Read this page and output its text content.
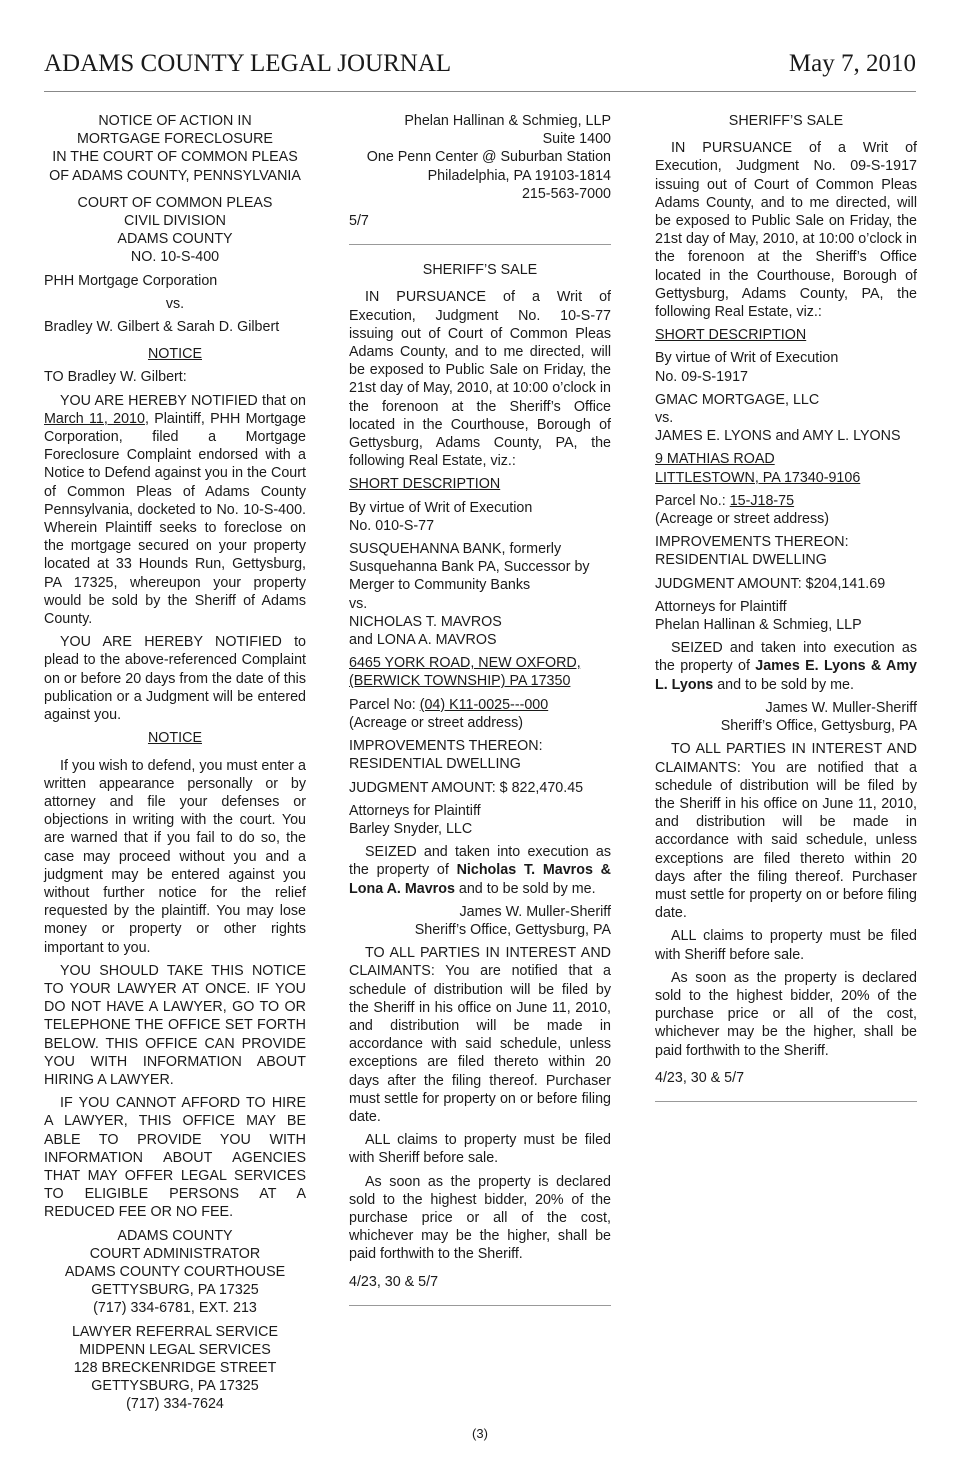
ADAMS COUNTY LEGAL JOURNAL	May 7, 2010

NOTICE OF ACTION IN
MORTGAGE FORECLOSURE
IN THE COURT OF COMMON PLEAS
OF ADAMS COUNTY, PENNSYLVANIA

COURT OF COMMON PLEAS
CIVIL DIVISION
ADAMS COUNTY
NO. 10-S-400

PHH Mortgage Corporation

vs.

Bradley W. Gilbert & Sarah D. Gilbert

NOTICE

TO Bradley W. Gilbert:

YOU ARE HEREBY NOTIFIED that on March 11, 2010, Plaintiff, PHH Mortgage Corporation, filed a Mortgage Foreclosure Complaint endorsed with a Notice to Defend against you in the Court of Common Pleas of Adams County Pennsylvania, docketed to No. 10-S-400. Wherein Plaintiff seeks to foreclose on the mortgage secured on your property located at 33 Hounds Run, Gettysburg, PA 17325, whereupon your property would be sold by the Sheriff of Adams County.

YOU ARE HEREBY NOTIFIED to plead to the above-referenced Complaint on or before 20 days from the date of this publication or a Judgment will be entered against you.

NOTICE

If you wish to defend, you must enter a written appearance personally or by attorney and file your defenses or objections in writing with the court. You are warned that if you fail to do so, the case may proceed without you and a judgment may be entered against you without further notice for the relief requested by the plaintiff. You may lose money or property or other rights important to you.

YOU SHOULD TAKE THIS NOTICE TO YOUR LAWYER AT ONCE. IF YOU DO NOT HAVE A LAWYER, GO TO OR TELEPHONE THE OFFICE SET FORTH BELOW. THIS OFFICE CAN PROVIDE YOU WITH INFORMATION ABOUT HIRING A LAWYER.

IF YOU CANNOT AFFORD TO HIRE A LAWYER, THIS OFFICE MAY BE ABLE TO PROVIDE YOU WITH INFORMATION ABOUT AGENCIES THAT MAY OFFER LEGAL SERVICES TO ELIGIBLE PERSONS AT A REDUCED FEE OR NO FEE.

ADAMS COUNTY
COURT ADMINISTRATOR
ADAMS COUNTY COURTHOUSE
GETTYSBURG, PA 17325
(717) 334-6781, EXT. 213

LAWYER REFERRAL SERVICE
MIDPENN LEGAL SERVICES
128 BRECKENRIDGE STREET
GETTYSBURG, PA 17325
(717) 334-7624

Phelan Hallinan & Schmieg, LLP
Suite 1400
One Penn Center @ Suburban Station
Philadelphia, PA 19103-1814
215-563-7000

5/7

SHERIFF’S SALE

IN PURSUANCE of a Writ of Execution, Judgment No. 10-S-77 issuing out of Court of Common Pleas Adams County, and to me directed, will be exposed to Public Sale on Friday, the 21st day of May, 2010, at 10:00 o’clock in the forenoon at the Sheriff’s Office located in the Courthouse, Borough of Gettysburg, Adams County, PA, the following Real Estate, viz.:

SHORT DESCRIPTION

By virtue of Writ of Execution
No. 010-S-77

SUSQUEHANNA BANK, formerly
Susquehanna Bank PA, Successor by
Merger to Community Banks
vs.
NICHOLAS T. MAVROS
and LONA A. MAVROS

6465 YORK ROAD, NEW OXFORD,
(BERWICK TOWNSHIP) PA 17350

Parcel No: (04) K11-0025---000
(Acreage or street address)

IMPROVEMENTS THEREON:
RESIDENTIAL DWELLING

JUDGMENT AMOUNT: $ 822,470.45

Attorneys for Plaintiff
Barley Snyder, LLC

SEIZED and taken into execution as the property of Nicholas T. Mavros & Lona A. Mavros and to be sold by me.

James W. Muller-Sheriff
Sheriff’s Office, Gettysburg, PA

TO ALL PARTIES IN INTEREST AND CLAIMANTS: You are notified that a schedule of distribution will be filed by the Sheriff in his office on June 11, 2010, and distribution will be made in accordance with said schedule, unless exceptions are filed thereto within 20 days after the filing thereof. Purchaser must settle for property on or before filing date.

ALL claims to property must be filed with Sheriff before sale.

As soon as the property is declared sold to the highest bidder, 20% of the purchase price or all of the cost, whichever may be the higher, shall be paid forthwith to the Sheriff.

4/23, 30 & 5/7

SHERIFF’S SALE

IN PURSUANCE of a Writ of Execution, Judgment No. 09-S-1917 issuing out of Court of Common Pleas Adams County, and to me directed, will be exposed to Public Sale on Friday, the 21st day of May, 2010, at 10:00 o’clock in the forenoon at the Sheriff’s Office located in the Courthouse, Borough of Gettysburg, Adams County, PA, the following Real Estate, viz.:

SHORT DESCRIPTION

By virtue of Writ of Execution
No. 09-S-1917

GMAC MORTGAGE, LLC
vs.
JAMES E. LYONS and AMY L. LYONS

9 MATHIAS ROAD
LITTLESTOWN, PA 17340-9106

Parcel No.: 15-J18-75
(Acreage or street address)

IMPROVEMENTS THEREON:
RESIDENTIAL DWELLING

JUDGMENT AMOUNT: $204,141.69

Attorneys for Plaintiff
Phelan Hallinan & Schmieg, LLP

SEIZED and taken into execution as the property of James E. Lyons & Amy L. Lyons and to be sold by me.

James W. Muller-Sheriff
Sheriff’s Office, Gettysburg, PA

TO ALL PARTIES IN INTEREST AND CLAIMANTS: You are notified that a schedule of distribution will be filed by the Sheriff in his office on June 11, 2010, and distribution will be made in accordance with said schedule, unless exceptions are filed thereto within 20 days after the filing thereof. Purchaser must settle for property on or before filing date.

ALL claims to property must be filed with Sheriff before sale.

As soon as the property is declared sold to the highest bidder, 20% of the purchase price or all of the cost, whichever may be the higher, shall be paid forthwith to the Sheriff.

4/23, 30 & 5/7

(3)
